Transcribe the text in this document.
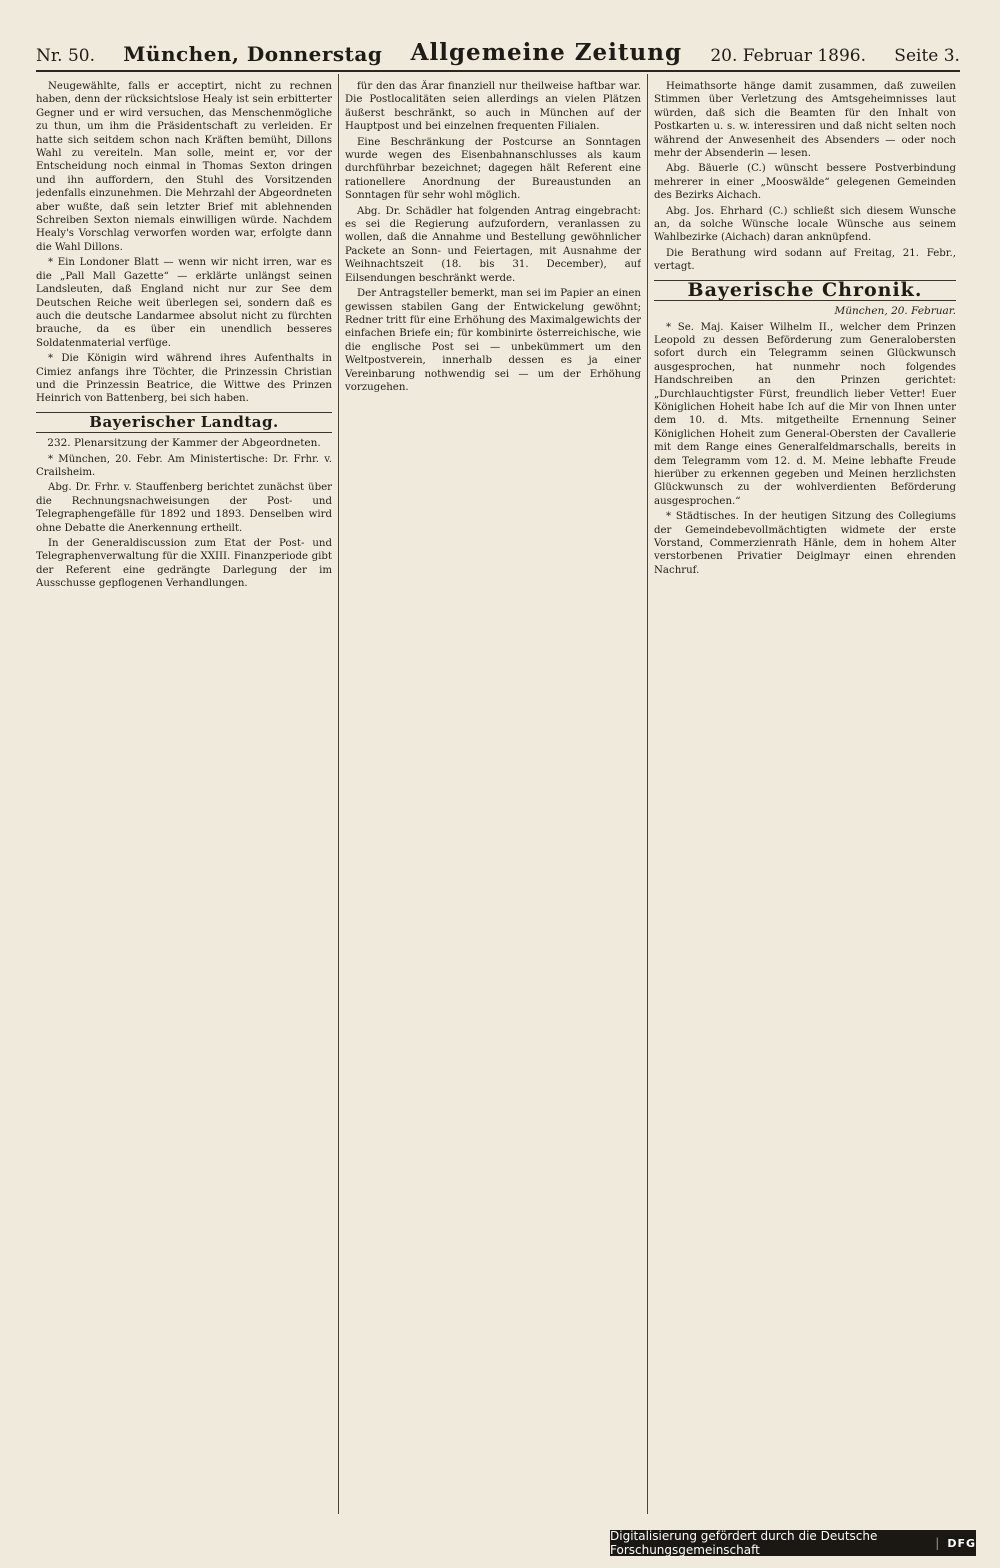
Nr. 50. München, Donnerstag Allgemeine Zeitung 20. Februar 1896. Seite 3.

Neugewählte, falls er acceptirt, nicht zu rechnen haben, denn der rücksichtslose Healy ist sein erbitterter Gegner und er wird versuchen, das Menschenmögliche zu thun, um ihm die Präsidentschaft zu verleiden. Er hatte sich seitdem schon nach Kräften bemüht, Dillons Wahl zu vereiteln. Man solle, meint er, vor der Entscheidung noch einmal in Thomas Sexton dringen und ihn auffordern, den Stuhl des Vorsitzenden jedenfalls einzunehmen. Die Mehrzahl der Abgeordneten aber wußte, daß sein letzter Brief mit ablehnenden Schreiben Sexton niemals einwilligen würde. Nachdem Healy's Vorschlag verworfen worden war, erfolgte dann die Wahl Dillons.

* Ein Londoner Blatt — wenn wir nicht irren, war es die „Pall Mall Gazette“ — erklärte unlängst seinen Landsleuten, daß England nicht nur zur See dem Deutschen Reiche weit überlegen sei, sondern daß es auch die deutsche Landarmee absolut nicht zu fürchten brauche, da es über ein unendlich besseres Soldatenmaterial verfüge.

* Die Königin wird während ihres Aufenthalts in Cimiez anfangs ihre Töchter, die Prinzessin Christian und die Prinzessin Beatrice, die Wittwe des Prinzen Heinrich von Battenberg, bei sich haben.

Bayerischer Landtag.
232. Plenarsitzung der Kammer der Abgeordneten.

* München, 20. Febr. Am Ministertische: Dr. Frhr. v. Crailsheim.

Abg. Dr. Frhr. v. Stauffenberg berichtet zunächst über die Rechnungsnachweisungen der Post- und Telegraphengefälle für 1892 und 1893. Denselben wird ohne Debatte die Anerkennung ertheilt.

In der Generaldiscussion zum Etat der Post- und Telegraphenverwaltung für die XXIII. Finanzperiode gibt der Referent eine gedrängte Darlegung der im Ausschusse gepflogenen Verhandlungen.

für den das Ärar finanziell nur theilweise haftbar war. Die Postlocalitäten seien allerdings an vielen Plätzen äußerst beschränkt, so auch in München auf der Hauptpost und bei einzelnen frequenten Filialen.

Eine Beschränkung der Postcurse an Sonntagen wurde wegen des Eisenbahnanschlusses als kaum durchführbar bezeichnet; dagegen hält Referent eine rationellere Anordnung der Bureaustunden an Sonntagen für sehr wohl möglich.

Abg. Dr. Schädler hat folgenden Antrag eingebracht: es sei die Regierung aufzufordern, veranlassen zu wollen, daß die Annahme und Bestellung gewöhnlicher Packete an Sonn- und Feiertagen, mit Ausnahme der Weihnachtszeit (18. bis 31. December), auf Eilsendungen beschränkt werde.

Der Antragsteller bemerkt, man sei im Papier an einen gewissen stabilen Gang der Entwickelung gewöhnt; Redner tritt für eine Erhöhung des Maximalgewichts der einfachen Briefe ein; für kombinirte österreichische, wie die englische Post sei — unbekümmert um den Weltpostverein, innerhalb dessen es ja einer Vereinbarung nothwendig sei — um der Erhöhung vorzugehen.

Heimathsorte hänge damit zusammen, daß zuweilen Stimmen über Verletzung des Amtsgeheimnisses laut würden, daß sich die Beamten für den Inhalt von Postkarten u. s. w. interessiren und daß nicht selten noch während der Anwesenheit des Absenders — oder noch mehr der Absenderin — lesen.

Abg. Bäuerle (C.) wünscht bessere Postverbindung mehrerer in einer „Mooswälde“ gelegenen Gemeinden des Bezirks Aichach.

Abg. Jos. Ehrhard (C.) schließt sich diesem Wunsche an, da solche Wünsche locale Wünsche aus seinem Wahlbezirke (Aichach) daran anknüpfend.

Die Berathung wird sodann auf Freitag, 21. Febr., vertagt.

Bayerische Chronik.
München, 20. Februar.

* Se. Maj. Kaiser Wilhelm II., welcher dem Prinzen Leopold zu dessen Beförderung zum Generalobersten sofort durch ein Telegramm seinen Glückwunsch ausgesprochen, hat nunmehr noch folgendes Handschreiben an den Prinzen gerichtet: „Durchlauchtigster Fürst, freundlich lieber Vetter! Euer Königlichen Hoheit habe Ich auf die Mir von Ihnen unter dem 10. d. Mts. mitgetheilte Ernennung Seiner Königlichen Hoheit zum General-Obersten der Cavallerie mit dem Range eines Generalfeldmarschalls, bereits in dem Telegramm vom 12. d. M. Meine lebhafte Freude hierüber zu erkennen gegeben und Meinen herzlichsten Glückwunsch zu der wohlverdienten Beförderung ausgesprochen.“

* Städtisches. In der heutigen Sitzung des Collegiums der Gemeindebevollmächtigten widmete der erste Vorstand, Commerzienrath Hänle, dem in hohem Alter verstorbenen Privatier Deiglmayr einen ehrenden Nachruf.

Digitalisierung gefördert durch die Deutsche Forschungsgemeinschaft	| DFG
